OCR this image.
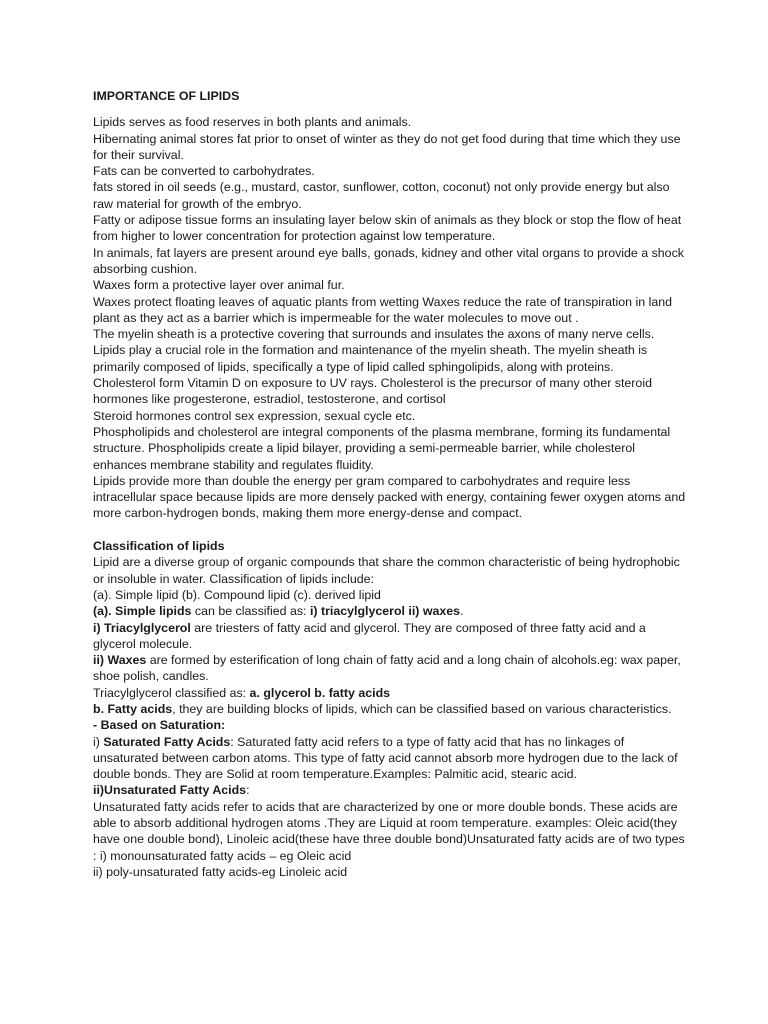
IMPORTANCE OF LIPIDS

Lipids serves as food reserves in both plants and animals.

Hibernating animal stores fat prior to onset of winter as they do not get food during that time which they use for their survival.

Fats can be converted to carbohydrates.

fats stored in oil seeds (e.g., mustard, castor, sunflower, cotton, coconut) not only provide energy but also raw material for growth of the embryo.

Fatty or adipose tissue forms an insulating layer below skin of animals as they block or stop the flow of heat from higher to lower concentration for protection against low temperature.

In animals, fat layers are present around eye balls, gonads, kidney and other vital organs to provide a shock absorbing cushion.

Waxes form a protective layer over animal fur.

Waxes protect floating leaves of aquatic plants from wetting Waxes reduce the rate of transpiration in land plant as they act as a barrier which is impermeable for the water molecules to move out .

The myelin sheath is a protective covering that surrounds and insulates the axons of many nerve cells. Lipids play a crucial role in the formation and maintenance of the myelin sheath. The myelin sheath is primarily composed of lipids, specifically a type of lipid called sphingolipids, along with proteins.

Cholesterol form Vitamin D on exposure to UV rays. Cholesterol is the precursor of many other steroid hormones like progesterone, estradiol, testosterone, and cortisol

Steroid hormones control sex expression, sexual cycle etc.

Phospholipids and cholesterol are integral components of the plasma membrane, forming its fundamental structure. Phospholipids create a lipid bilayer, providing a semi-permeable barrier, while cholesterol enhances membrane stability and regulates fluidity.

Lipids provide more than double the energy per gram compared to carbohydrates and require less intracellular space because lipids are more densely packed with energy, containing fewer oxygen atoms and more carbon-hydrogen bonds, making them more energy-dense and compact.

Classification of lipids

Lipid are a diverse group of organic compounds that share the common characteristic of being hydrophobic or insoluble in water. Classification of lipids include:

(a). Simple lipid (b). Compound lipid (c). derived lipid

(a). Simple lipids can be classified as: i) triacylglycerol ii) waxes.

i) Triacylglycerol are triesters of fatty acid and glycerol. They are composed of three fatty acid and a glycerol molecule.

ii) Waxes are formed by esterification of long chain of fatty acid and a long chain of alcohols.eg: wax paper, shoe polish, candles.

Triacylglycerol classified as: a. glycerol b. fatty acids

b. Fatty acids, they are building blocks of lipids, which can be classified based on various characteristics.

- Based on Saturation:

i) Saturated Fatty Acids: Saturated fatty acid refers to a type of fatty acid that has no linkages of unsaturated between carbon atoms. This type of fatty acid cannot absorb more hydrogen due to the lack of double bonds. They are Solid at room temperature.Examples: Palmitic acid, stearic acid.

ii)Unsaturated Fatty Acids:

Unsaturated fatty acids refer to acids that are characterized by one or more double bonds. These acids are able to absorb additional hydrogen atoms .They are Liquid at room temperature. examples: Oleic acid(they have one double bond), Linoleic acid(these have three double bond)Unsaturated fatty acids are of two types : i) monounsaturated fatty acids – eg Oleic acid

ii) poly-unsaturated fatty acids-eg Linoleic acid
